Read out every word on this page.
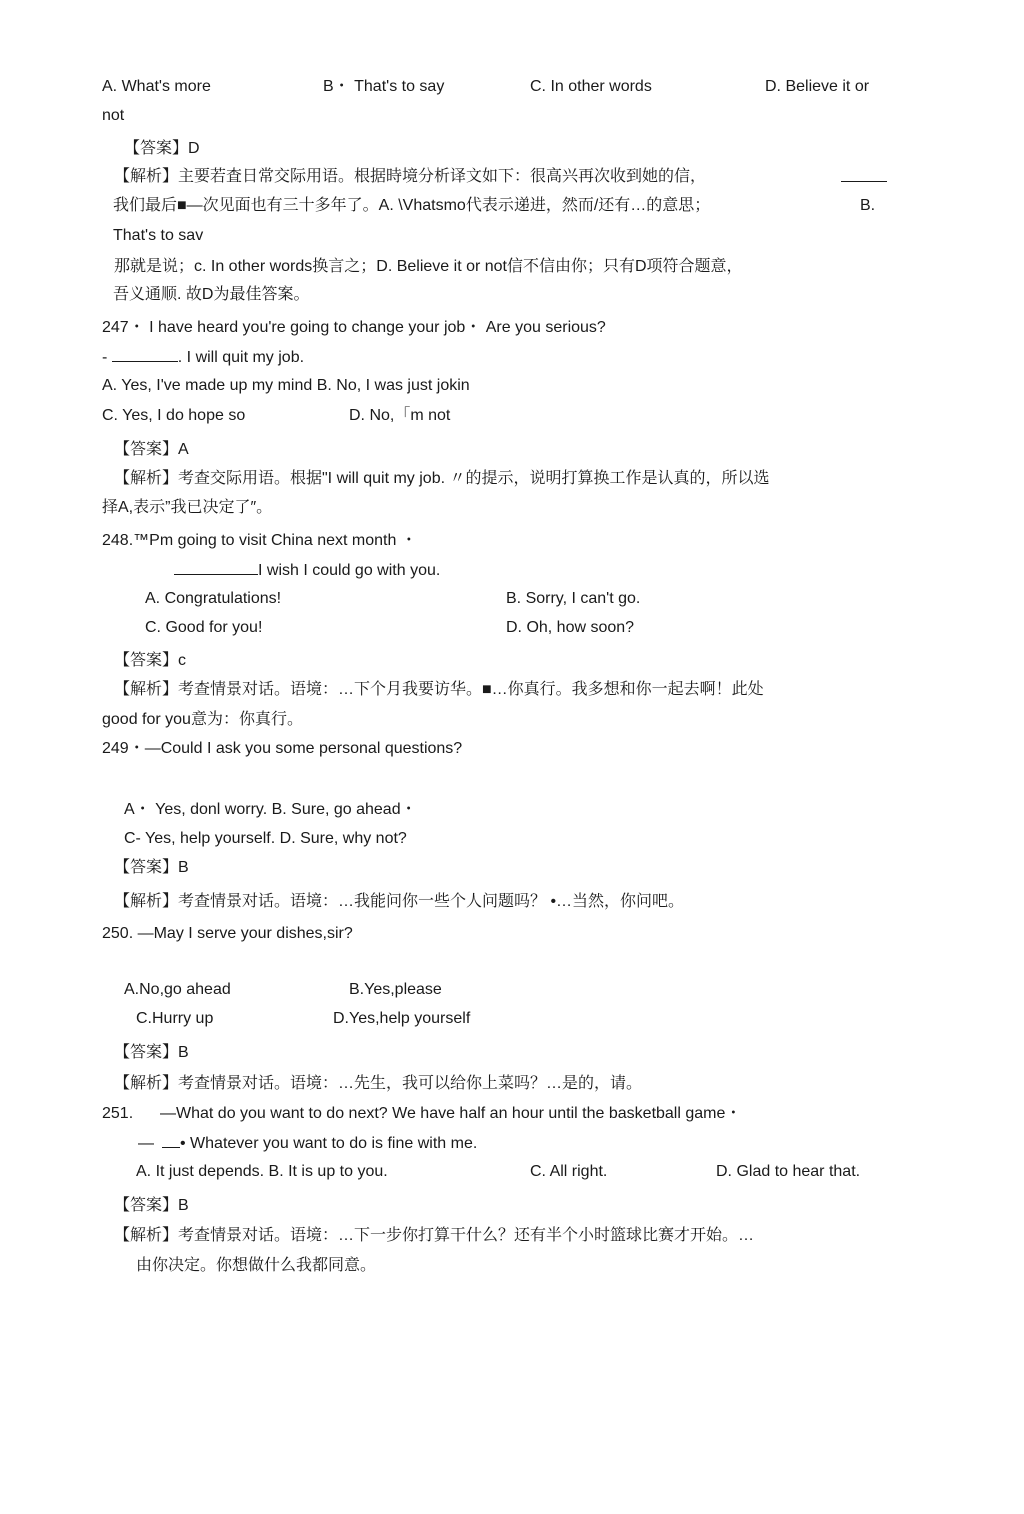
A. What's more	B・ That's to say	C. In other words	D. Believe it or
not
【答案】D
【解析】主要若査日常交际用语。根据時境分析译文如下：很高兴再次收到她的信，
我们最后■—次见面也有三十多年了。A. \Vhatsmo代表示递进，然而/还有…的意思；	B.
That's to sav
那就是说；c. In other words换言之；D. Believe it or not信不信由你；只有D项符合题意，
吾义通顺. 故D为最佳答案。
247・ I have heard you're going to change your job・ Are you serious?
-	. I will quit my job.
A. Yes, I've made up my mind B. No, I was just jokin
C. Yes, I do hope so	D. No,「m not
【答案】A
【解析】考查交际用语。根据"I will quit my job. 〃的提示，说明打算换工作是认真的，所以选
择A,表示”我已决定了″。
248.™Pm going to visit China next month ・
I wish I could go with you.
A. Congratulations!	B. Sorry, I can't go.
C. Good for you!	D. Oh, how soon?
【答案】c
【解析】考查情景对话。语境：…下个月我要访华。■…你真行。我多想和你一起去啊！此处
good for you意为：你真行。
249・—Could I ask you some personal questions?
A・ Yes, donl worry. B. Sure, go ahead・
C- Yes, help yourself. D. Sure, why not?
【答案】B
【解析】考查情景对话。语境：…我能问你一些个人问题吗？ •…当然，你问吧。
250. —May I serve your dishes,sir?
A.No,go ahead	B.Yes,please
C.Hurry up	D.Yes,help yourself
【答案】B
【解析】考查情景对话。语境：…先生，我可以给你上菜吗？…是的，请。
251. —What do you want to do next? We have half an hour until the basketball game・
— • Whatever you want to do is fine with me.
A. It just depends. B. It is up to you.	C. All right.	D. Glad to hear that.
【答案】B
【解析】考查情景对话。语境：…下一步你打算干什么？还有半个小时篮球比赛才开始。…
由你决定。你想做什么我都同意。
